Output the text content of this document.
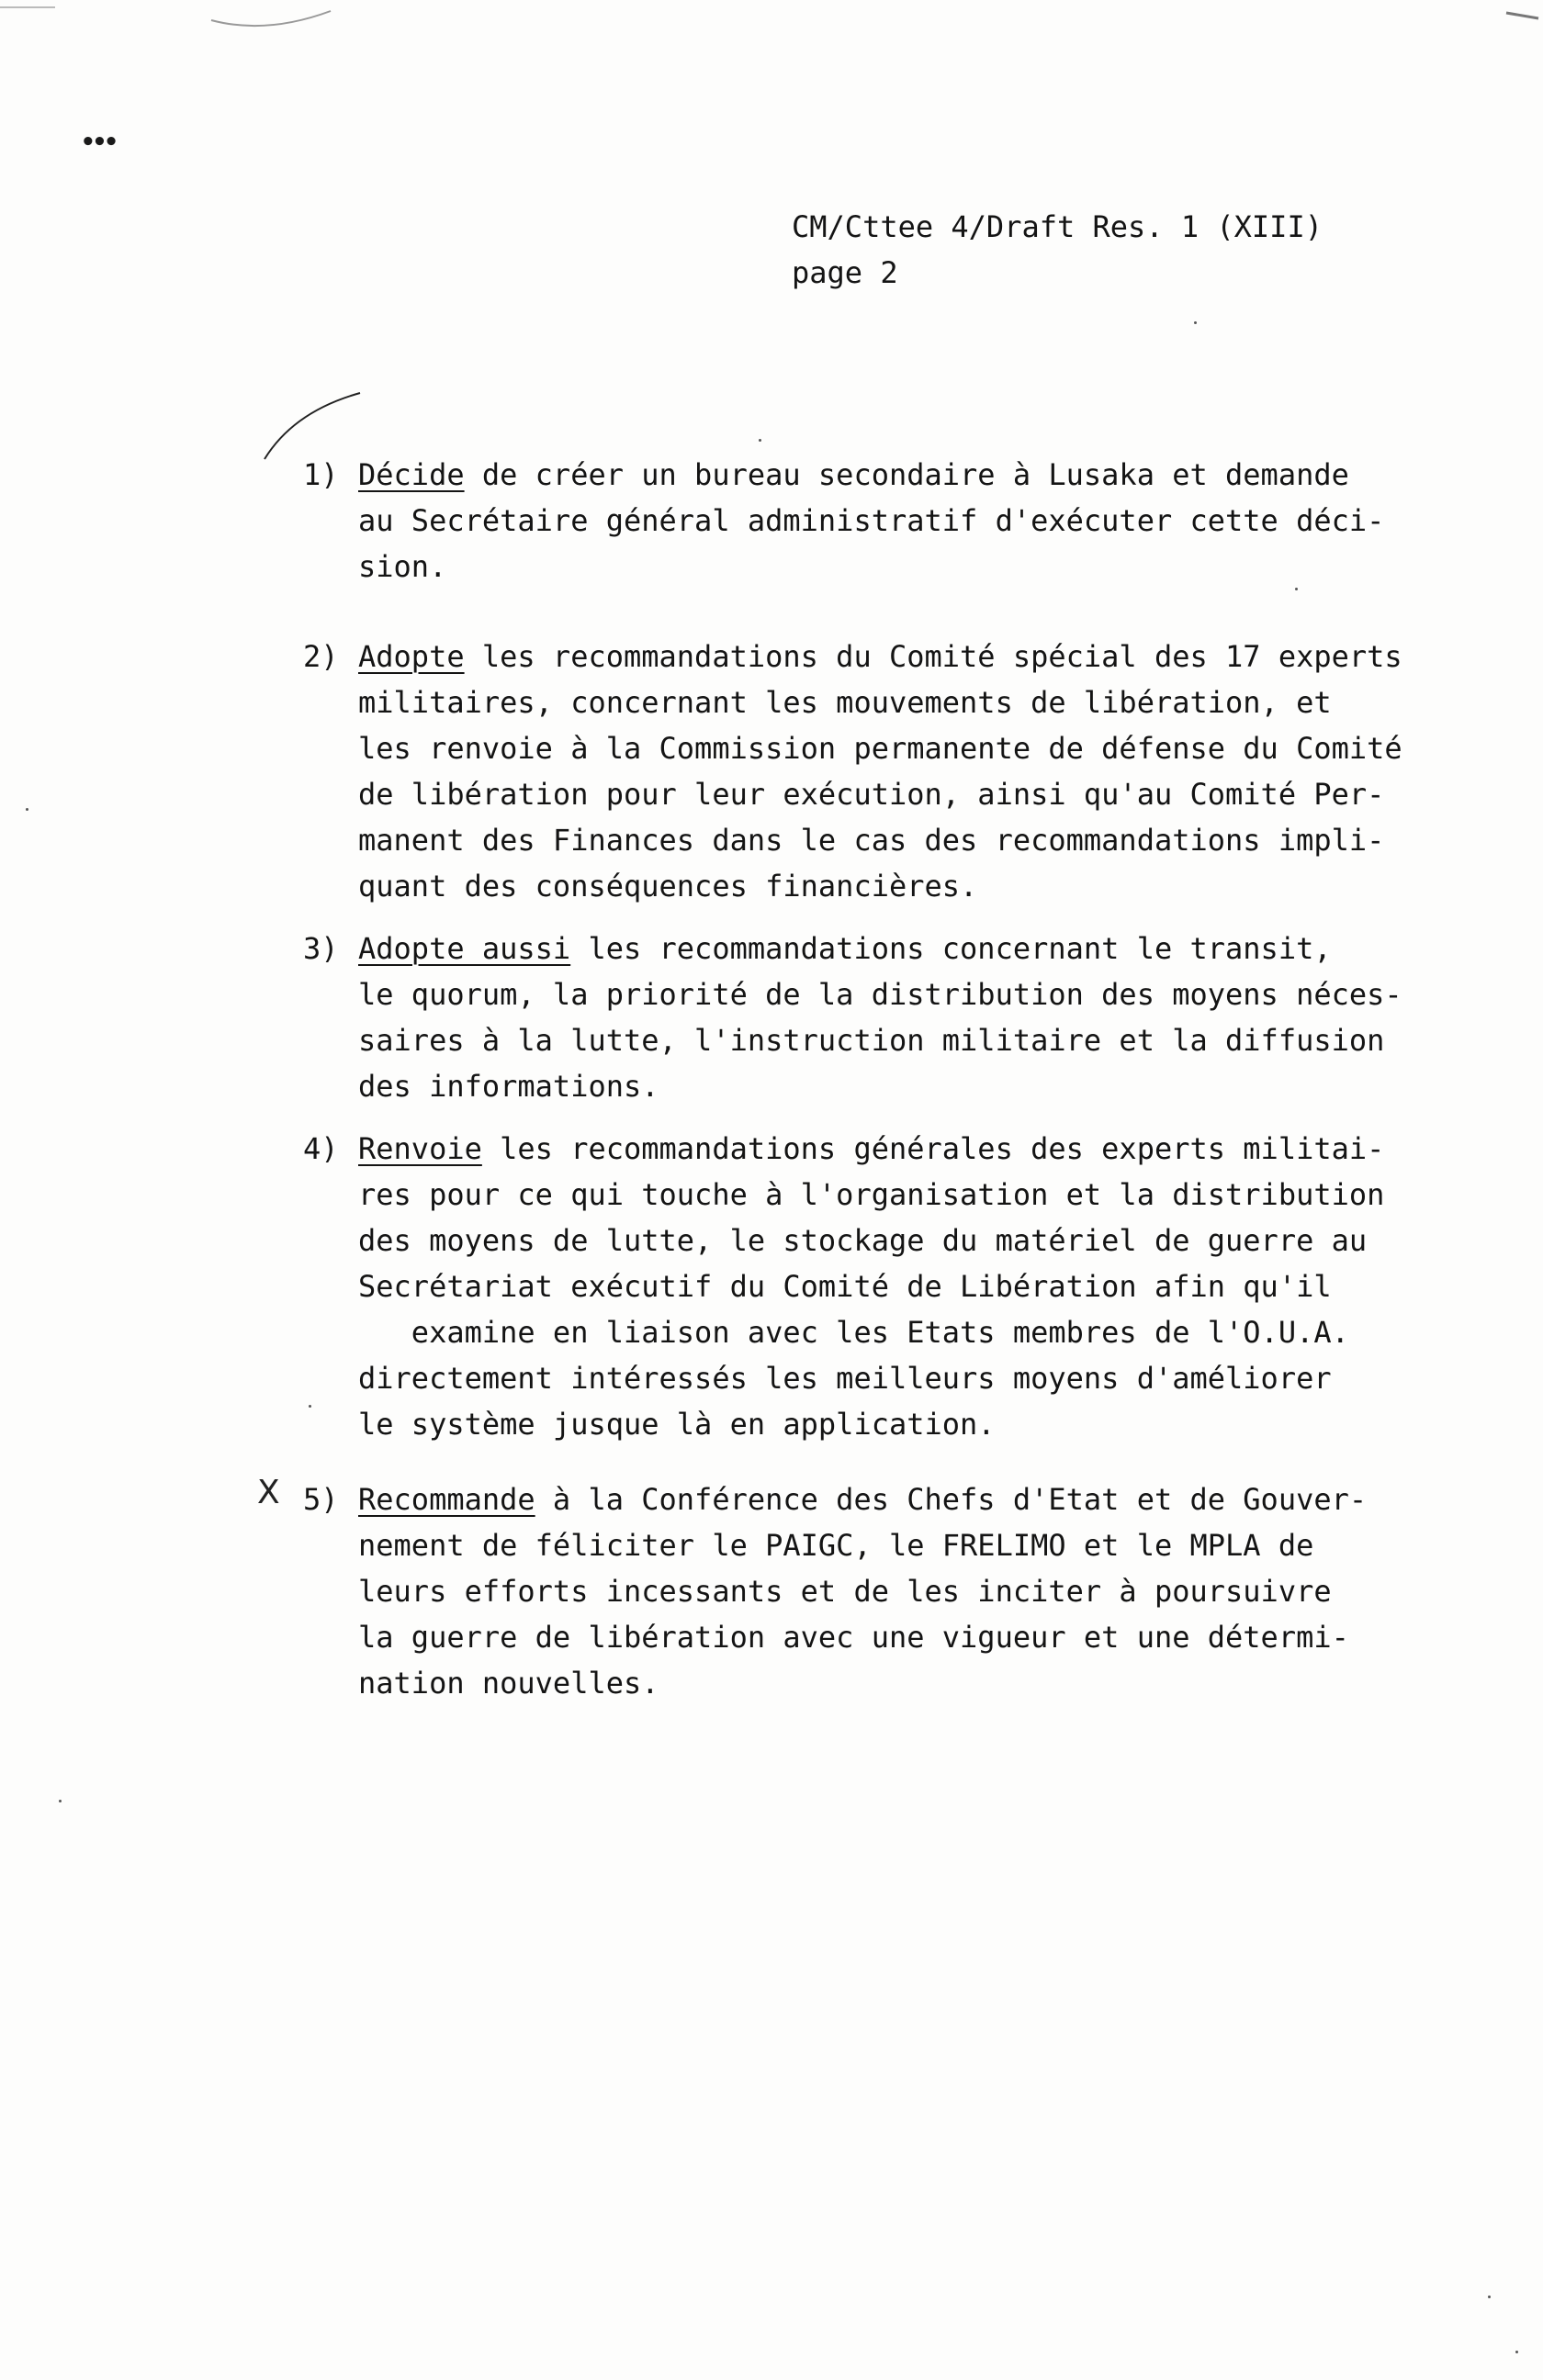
•••
CM/Cttee 4/Draft Res. 1 (XIII)
page 2
X
1) Décide de créer un bureau secondaire à Lusaka et demande
au Secrétaire général administratif d'exécuter cette déci-
sion.
2) Adopte les recommandations du Comité spécial des 17 experts
militaires, concernant les mouvements de libération, et
les renvoie à la Commission permanente de défense du Comité
de libération pour leur exécution, ainsi qu'au Comité Per-
manent des Finances dans le cas des recommandations impli-
quant des conséquences financières.
3) Adopte aussi les recommandations concernant le transit,
le quorum, la priorité de la distribution des moyens néces-
saires à la lutte, l'instruction militaire et la diffusion
des informations.
4) Renvoie les recommandations générales des experts militai-
res pour ce qui touche à l'organisation et la distribution
des moyens de lutte, le stockage du matériel de guerre au
Secrétariat exécutif du Comité de Libération afin qu'il
examine en liaison avec les Etats membres de l'O.U.A.
directement intéressés les meilleurs moyens d'améliorer
le système jusque là en application.
5) Recommande à la Conférence des Chefs d'Etat et de Gouver-
nement de féliciter le PAIGC, le FRELIMO et le MPLA de
leurs efforts incessants et de les inciter à poursuivre
la guerre de libération avec une vigueur et une détermi-
nation nouvelles.
